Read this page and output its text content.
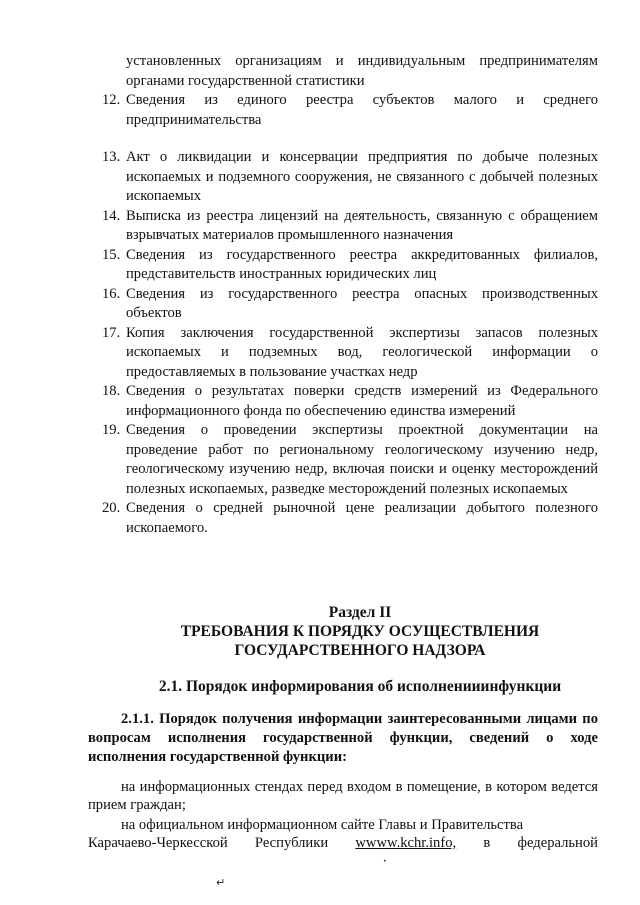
установленных организациям и индивидуальным предпринимателям органами государственной статистики
12. Сведения из единого реестра субъектов малого и среднего предпринимательства
13. Акт о ликвидации и консервации предприятия по добыче полезных ископаемых и подземного сооружения, не связанного с добычей полезных ископаемых
14. Выписка из реестра лицензий на деятельность, связанную с обращением взрывчатых материалов промышленного назначения
15. Сведения из государственного реестра аккредитованных филиалов, представительств иностранных юридических лиц
16. Сведения из государственного реестра опасных производственных объектов
17. Копия заключения государственной экспертизы запасов полезных ископаемых и подземных вод, геологической информации о предоставляемых в пользование участках недр
18. Сведения о результатах поверки средств измерений из Федерального информационного фонда по обеспечению единства измерений
19. Сведения о проведении экспертизы проектной документации на проведение работ по региональному геологическому изучению недр, геологическому изучению недр, включая поиски и оценку месторождений полезных ископаемых, разведке месторождений полезных ископаемых
20. Сведения о средней рыночной цене реализации добытого полезного ископаемого.
Раздел II
ТРЕБОВАНИЯ К ПОРЯДКУ ОСУЩЕСТВЛЕНИЯ
ГОСУДАРСТВЕННОГО НАДЗОРА
2.1. Порядок информирования об исполненииинфункции
2.1.1. Порядок получения информации заинтересованными лицами по вопросам исполнения государственной функции, сведений о ходе исполнения государственной функции:
на информационных стендах перед входом в помещение, в котором ведется прием граждан;
на официальном информационном сайте Главы и Правительства
Карачаево-Черкесской Республики wwww.kchr.info, в федеральной
↵
•
